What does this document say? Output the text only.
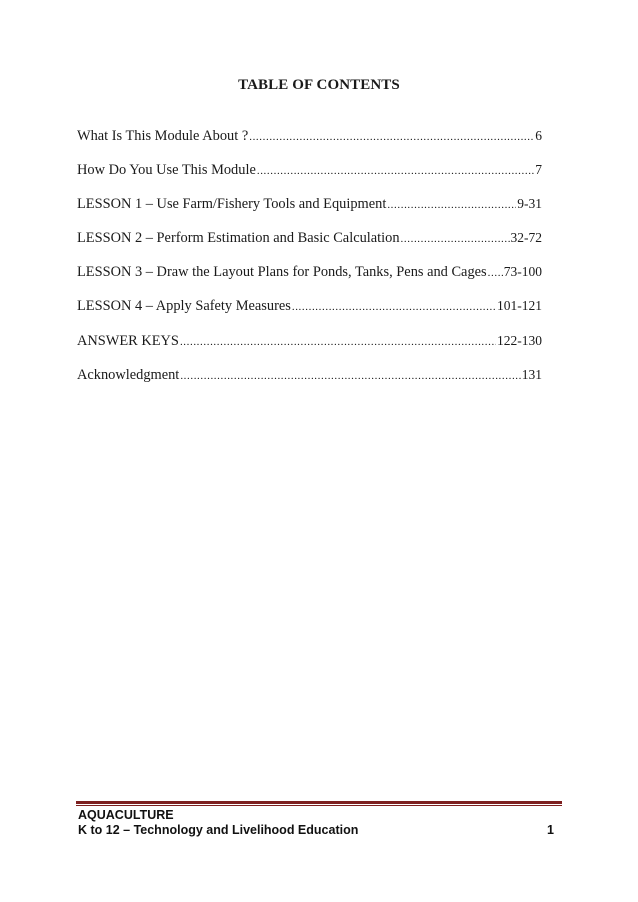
TABLE OF CONTENTS
What Is This Module About ? .....	6
How Do You Use This Module .....	7
LESSON 1 – Use Farm/Fishery Tools and Equipment .....	9-31
LESSON 2 – Perform Estimation and Basic Calculation .....	32-72
LESSON 3 – Draw the Layout Plans for Ponds, Tanks, Pens and Cages ..... 73-100
LESSON 4 – Apply Safety Measures .....	101-121
ANSWER KEYS .....	122-130
Acknowledgment .....	131
AQUACULTURE
K to 12 – Technology and Livelihood Education	1
